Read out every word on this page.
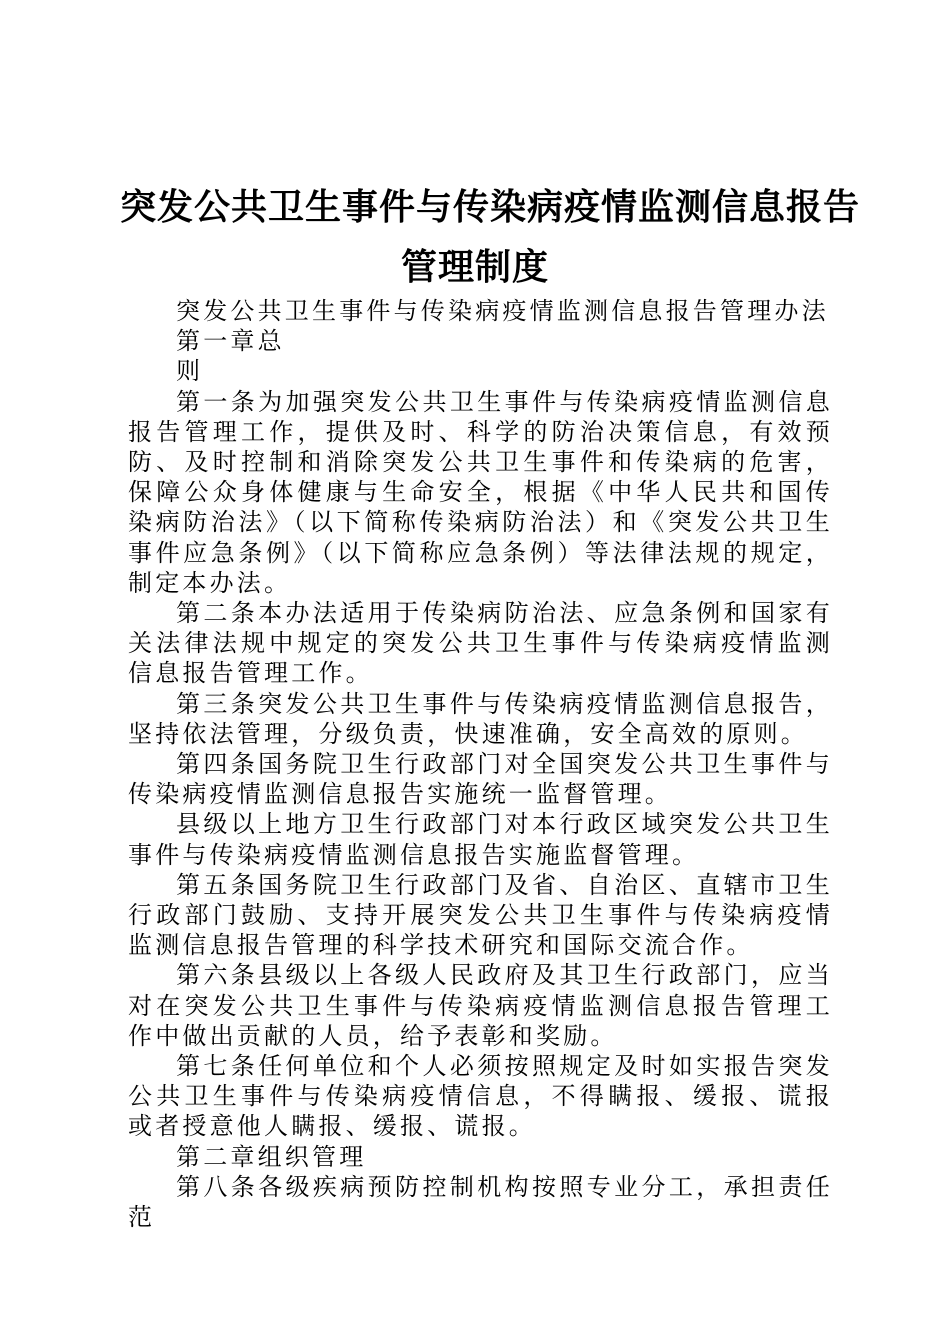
突发公共卫生事件与传染病疫情监测信息报告
管理制度

突发公共卫生事件与传染病疫情监测信息报告管理办法

第一章总

则

第一条为加强突发公共卫生事件与传染病疫情监测信息报告管理工作，提供及时、科学的防治决策信息，有效预防、及时控制和消除突发公共卫生事件和传染病的危害，保障公众身体健康与生命安全，根据《中华人民共和国传染病防治法》（以下简称传染病防治法）和《突发公共卫生事件应急条例》（以下简称应急条例）等法律法规的规定，制定本办法。

第二条本办法适用于传染病防治法、应急条例和国家有关法律法规中规定的突发公共卫生事件与传染病疫情监测信息报告管理工作。

第三条突发公共卫生事件与传染病疫情监测信息报告，坚持依法管理，分级负责，快速准确，安全高效的原则。

第四条国务院卫生行政部门对全国突发公共卫生事件与传染病疫情监测信息报告实施统一监督管理。

县级以上地方卫生行政部门对本行政区域突发公共卫生事件与传染病疫情监测信息报告实施监督管理。

第五条国务院卫生行政部门及省、自治区、直辖市卫生行政部门鼓励、支持开展突发公共卫生事件与传染病疫情监测信息报告管理的科学技术研究和国际交流合作。

第六条县级以上各级人民政府及其卫生行政部门，应当对在突发公共卫生事件与传染病疫情监测信息报告管理工作中做出贡献的人员，给予表彰和奖励。

第七条任何单位和个人必须按照规定及时如实报告突发公共卫生事件与传染病疫情信息，不得瞒报、缓报、谎报或者授意他人瞒报、缓报、谎报。

第二章组织管理

第八条各级疾病预防控制机构按照专业分工，承担责任范
